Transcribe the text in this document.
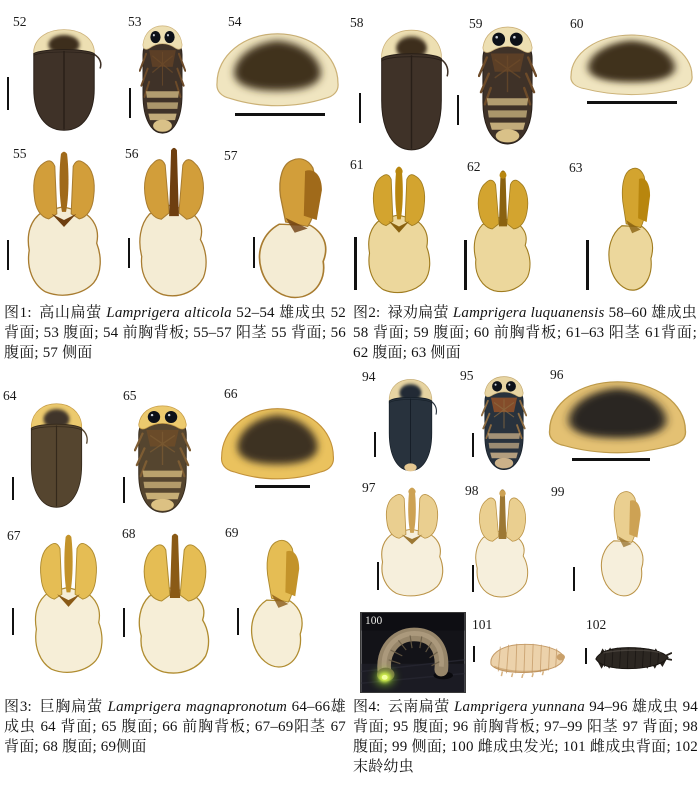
52	53	54
55	56	57

图1: 高山扁萤 Lamprigera alticola 52–54 雄成虫 52 背面; 53 腹面; 54 前胸背板; 55–57 阳茎 55 背面; 56 腹面; 57 侧面

58	59	60
61	62	63

图2: 禄劝扁萤 Lamprigera luquanensis 58–60 雄成虫 58 背面; 59 腹面; 60 前胸背板; 61–63 阳茎 61背面; 62 腹面; 63 侧面

64	65	66
67	68	69

图3: 巨胸扁萤 Lamprigera magnapronotum 64–66雄成虫 64 背面; 65 腹面; 66 前胸背板; 67–69阳茎 67背面; 68 腹面; 69侧面

94	95	96
97	98	99
100	101	102

图4: 云南扁萤 Lamprigera yunnana 94–96 雄成虫 94 背面; 95 腹面; 96 前胸背板; 97–99 阳茎 97 背面; 98 腹面; 99 侧面; 100 雌成虫发光; 101 雌成虫背面; 102 末龄幼虫
